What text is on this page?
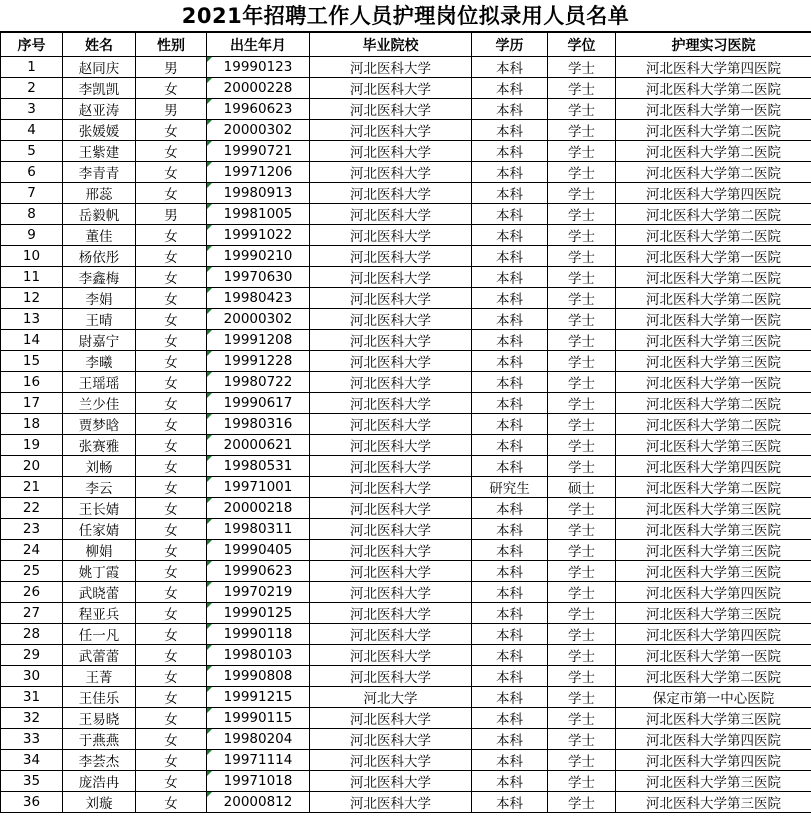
2021年招聘工作人员护理岗位拟录用人员名单
序号	姓名	性别	出生年月	毕业院校	学历	学位	护理实习医院
1	赵同庆	男	19990123	河北医科大学	本科	学士	河北医科大学第四医院
2	李凯凯	女	20000228	河北医科大学	本科	学士	河北医科大学第二医院
3	赵亚涛	男	19960623	河北医科大学	本科	学士	河北医科大学第一医院
4	张媛媛	女	20000302	河北医科大学	本科	学士	河北医科大学第二医院
5	王紫建	女	19990721	河北医科大学	本科	学士	河北医科大学第二医院
6	李青青	女	19971206	河北医科大学	本科	学士	河北医科大学第二医院
7	邢蕊	女	19980913	河北医科大学	本科	学士	河北医科大学第四医院
8	岳毅帆	男	19981005	河北医科大学	本科	学士	河北医科大学第二医院
9	董佳	女	19991022	河北医科大学	本科	学士	河北医科大学第二医院
10	杨依彤	女	19990210	河北医科大学	本科	学士	河北医科大学第一医院
11	李鑫梅	女	19970630	河北医科大学	本科	学士	河北医科大学第二医院
12	李娟	女	19980423	河北医科大学	本科	学士	河北医科大学第二医院
13	王晴	女	20000302	河北医科大学	本科	学士	河北医科大学第一医院
14	尉嘉宁	女	19991208	河北医科大学	本科	学士	河北医科大学第三医院
15	李曦	女	19991228	河北医科大学	本科	学士	河北医科大学第三医院
16	王瑶瑶	女	19980722	河北医科大学	本科	学士	河北医科大学第一医院
17	兰少佳	女	19990617	河北医科大学	本科	学士	河北医科大学第二医院
18	贾梦晗	女	19980316	河北医科大学	本科	学士	河北医科大学第二医院
19	张赛雅	女	20000621	河北医科大学	本科	学士	河北医科大学第三医院
20	刘畅	女	19980531	河北医科大学	本科	学士	河北医科大学第四医院
21	李云	女	19971001	河北医科大学	研究生	硕士	河北医科大学第二医院
22	王长婧	女	20000218	河北医科大学	本科	学士	河北医科大学第三医院
23	任家婧	女	19980311	河北医科大学	本科	学士	河北医科大学第三医院
24	柳娟	女	19990405	河北医科大学	本科	学士	河北医科大学第三医院
25	姚丁霞	女	19990623	河北医科大学	本科	学士	河北医科大学第三医院
26	武晓蕾	女	19970219	河北医科大学	本科	学士	河北医科大学第四医院
27	程亚兵	女	19990125	河北医科大学	本科	学士	河北医科大学第三医院
28	任一凡	女	19990118	河北医科大学	本科	学士	河北医科大学第四医院
29	武蕾蕾	女	19980103	河北医科大学	本科	学士	河北医科大学第一医院
30	王菁	女	19990808	河北医科大学	本科	学士	河北医科大学第二医院
31	王佳乐	女	19991215	河北大学	本科	学士	保定市第一中心医院
32	王易晓	女	19990115	河北医科大学	本科	学士	河北医科大学第三医院
33	于燕燕	女	19980204	河北医科大学	本科	学士	河北医科大学第四医院
34	李荟杰	女	19971114	河北医科大学	本科	学士	河北医科大学第四医院
35	庞浩冉	女	19971018	河北医科大学	本科	学士	河北医科大学第三医院
36	刘璇	女	20000812	河北医科大学	本科	学士	河北医科大学第三医院
